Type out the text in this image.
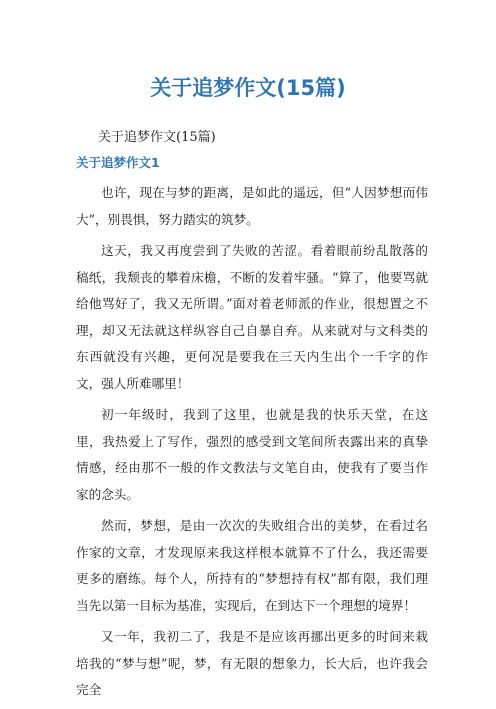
关于追梦作文(15篇)

关于追梦作文(15篇)

关于追梦作文1

也许，现在与梦的距离，是如此的遥远，但“人因梦想而伟大”，别畏惧，努力踏实的筑梦。

这天，我又再度尝到了失败的苦涩。看着眼前纷乱散落的稿纸，我颓丧的攀着床檐，不断的发着牢骚。“算了，他要骂就给他骂好了，我又无所谓。”面对着老师派的作业，很想置之不理，却又无法就这样纵容自己自暴自弃。从来就对与文科类的东西就没有兴趣，更何况是要我在三天内生出个一千字的作文，强人所难哪里！

初一年级时，我到了这里，也就是我的快乐天堂，在这里，我热爱上了写作，强烈的感受到文笔间所表露出来的真挚情感，经由那不一般的作文教法与文笔自由，使我有了要当作家的念头。

然而，梦想，是由一次次的失败组合出的美梦，在看过名作家的文章，才发现原来我这样根本就算不了什么，我还需要更多的磨练。每个人，所持有的“梦想持有权”都有限，我们理当先以第一目标为基准，实现后，在到达下一个理想的境界！

又一年，我初二了，我是不是应该再挪出更多的时间来栽培我的“梦与想”呢，梦，有无限的想象力，长大后，也许我会完全
